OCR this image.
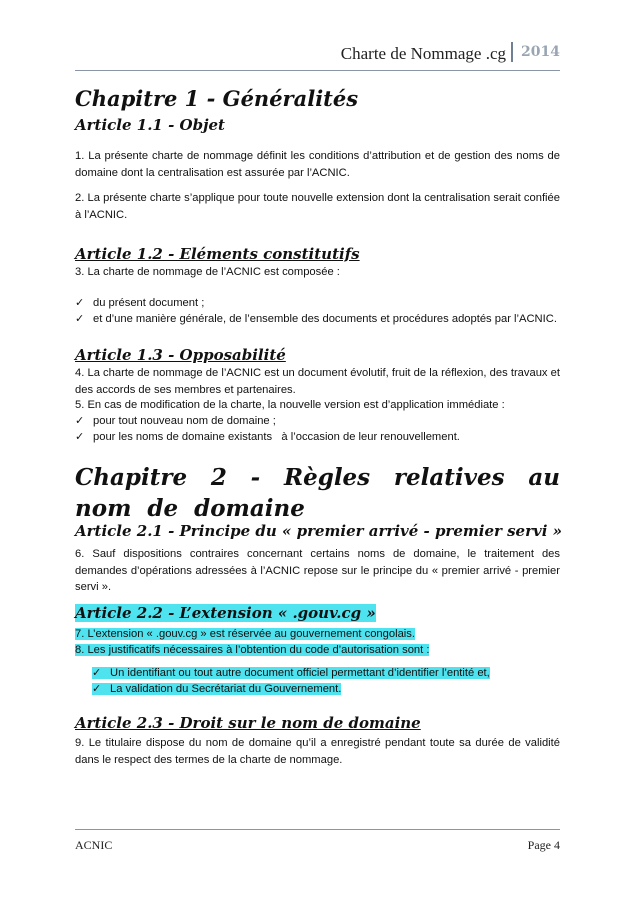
Charte de Nommage .cg	2014
Chapitre 1 - Généralités
Article 1.1 - Objet

1. La présente charte de nommage définit les conditions d’attribution et de gestion des noms de domaine dont la centralisation est assurée par l’ACNIC.

2. La présente charte s’applique pour toute nouvelle extension dont la centralisation serait confiée à l’ACNIC.

Article 1.2 - Eléments constitutifs

3. La charte de nommage de l’ACNIC est composée :

✓ du présent document ;

✓ et d’une manière générale, de l’ensemble des documents et procédures adoptés par l’ACNIC.

Article 1.3 - Opposabilité

4. La charte de nommage de l’ACNIC est un document évolutif, fruit de la réflexion, des travaux et des accords de ses membres et partenaires.

5. En cas de modification de la charte, la nouvelle version est d’application immédiate :

✓ pour tout nouveau nom de domaine ;

✓ pour les noms de domaine existants   à l’occasion de leur renouvellement.

Chapitre 2 - Règles relatives au nom de domaine
Article 2.1 - Principe du « premier arrivé - premier servi »

6. Sauf dispositions contraires concernant certains noms de domaine, le traitement des demandes d’opérations adressées à l’ACNIC repose sur le principe du « premier arrivé - premier servi ».

Article 2.2 - L’extension « .gouv.cg »

7. L’extension « .gouv.cg » est réservée au gouvernement congolais.

8. Les justificatifs nécessaires à l’obtention du code d’autorisation sont :

✓ Un identifiant ou tout autre document officiel permettant d’identifier l’entité et,

✓ La validation du Secrétariat du Gouvernement.

Article 2.3 - Droit sur le nom de domaine

9. Le titulaire dispose du nom de domaine qu’il a enregistré pendant toute sa durée de validité dans le respect des termes de la charte de nommage.

ACNIC	Page 4
